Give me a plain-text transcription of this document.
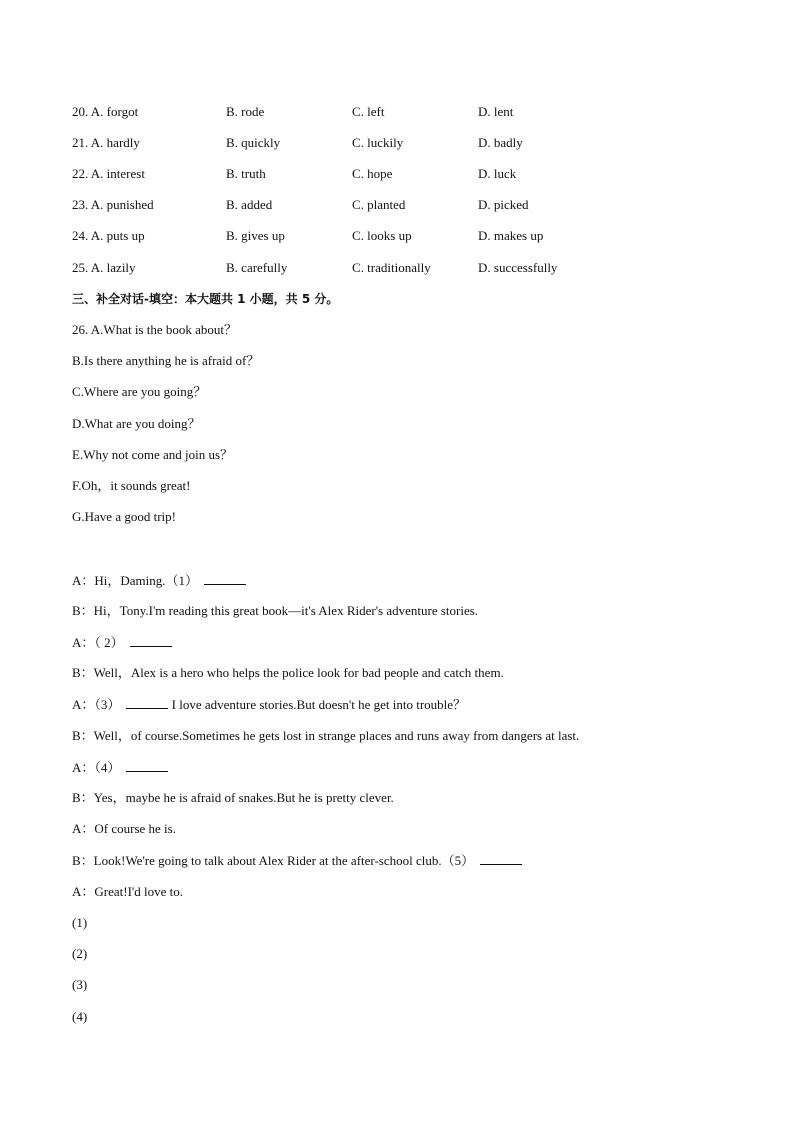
20. A. forgot	B. rode	C. left	D. lent
21. A. hardly	B. quickly	C. luckily	D. badly
22. A. interest	B. truth	C. hope	D. luck
23. A. punished	B. added	C. planted	D. picked
24. A. puts up	B. gives up	C. looks up	D. makes up
25. A. lazily	B. carefully	C. traditionally	D. successfully
三、补全对话-填空：本大题共 1 小题，共 5 分。
26. A.What is the book about？
B.Is there anything he is afraid of？
C.Where are you going？
D.What are you doing？
E.Why not come and join us？
F.Oh，it sounds great!
G.Have a good trip!
A：Hi，Daming.（1）
B：Hi，Tony.I'm reading this great book—it's Alex Rider's adventure stories.
A：（ 2）
B：Well，Alex is a hero who helps the police look for bad people and catch them.
A：（3）	I love adventure stories.But doesn't he get into trouble？
B：Well，of course.Sometimes he gets lost in strange places and runs away from dangers at last.
A：（4）
B：Yes，maybe he is afraid of snakes.But he is pretty clever.
A：Of course he is.
B：Look!We're going to talk about Alex Rider at the after-school club.（5）
A：Great!I'd love to.
(1)
(2)
(3)
(4)
